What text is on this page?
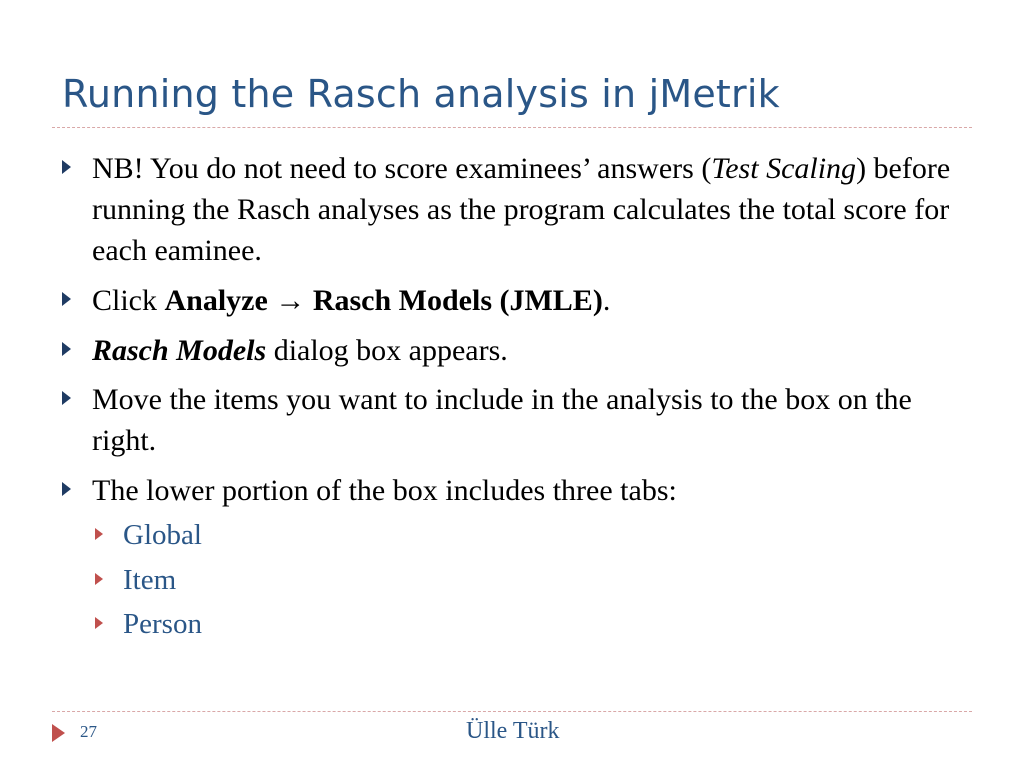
Running the Rasch analysis in jMetrik
NB! You do not need to score examinees’ answers (Test Scaling) before running the Rasch analyses as the program calculates the total score for each eaminee.
Click Analyze → Rasch Models (JMLE).
Rasch Models dialog box appears.
Move the items you want to include in the analysis to the box on the right.
The lower portion of the box includes three tabs:
Global
Item
Person
27	Ülle Türk
